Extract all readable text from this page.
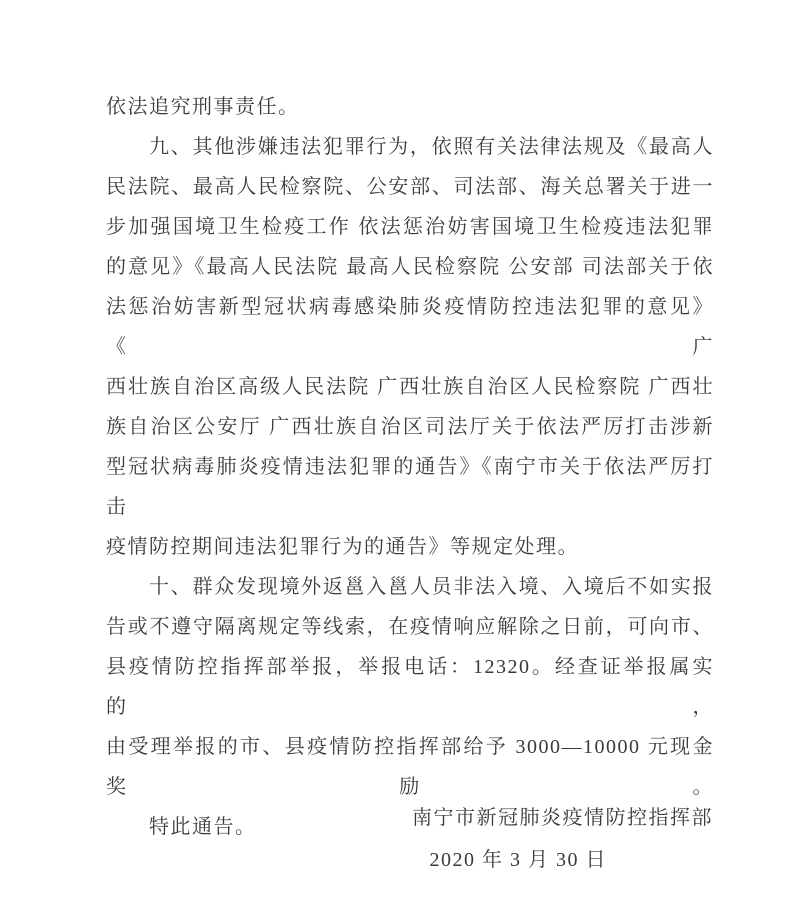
依法追究刑事责任。
九、其他涉嫌违法犯罪行为，依照有关法律法规及《最高人
民法院、最高人民检察院、公安部、司法部、海关总署关于进一
步加强国境卫生检疫工作 依法惩治妨害国境卫生检疫违法犯罪
的意见》《最高人民法院 最高人民检察院 公安部 司法部关于依
法惩治妨害新型冠状病毒感染肺炎疫情防控违法犯罪的意见》《广
西壮族自治区高级人民法院 广西壮族自治区人民检察院 广西壮
族自治区公安厅 广西壮族自治区司法厅关于依法严厉打击涉新
型冠状病毒肺炎疫情违法犯罪的通告》《南宁市关于依法严厉打击
疫情防控期间违法犯罪行为的通告》等规定处理。
十、群众发现境外返邕入邕人员非法入境、入境后不如实报
告或不遵守隔离规定等线索，在疫情响应解除之日前，可向市、
县疫情防控指挥部举报，举报电话：12320。经查证举报属实的，
由受理举报的市、县疫情防控指挥部给予 3000—10000 元现金奖励。
特此通告。	南宁市新冠肺炎疫情防控指挥部
2020 年 3 月 30 日
